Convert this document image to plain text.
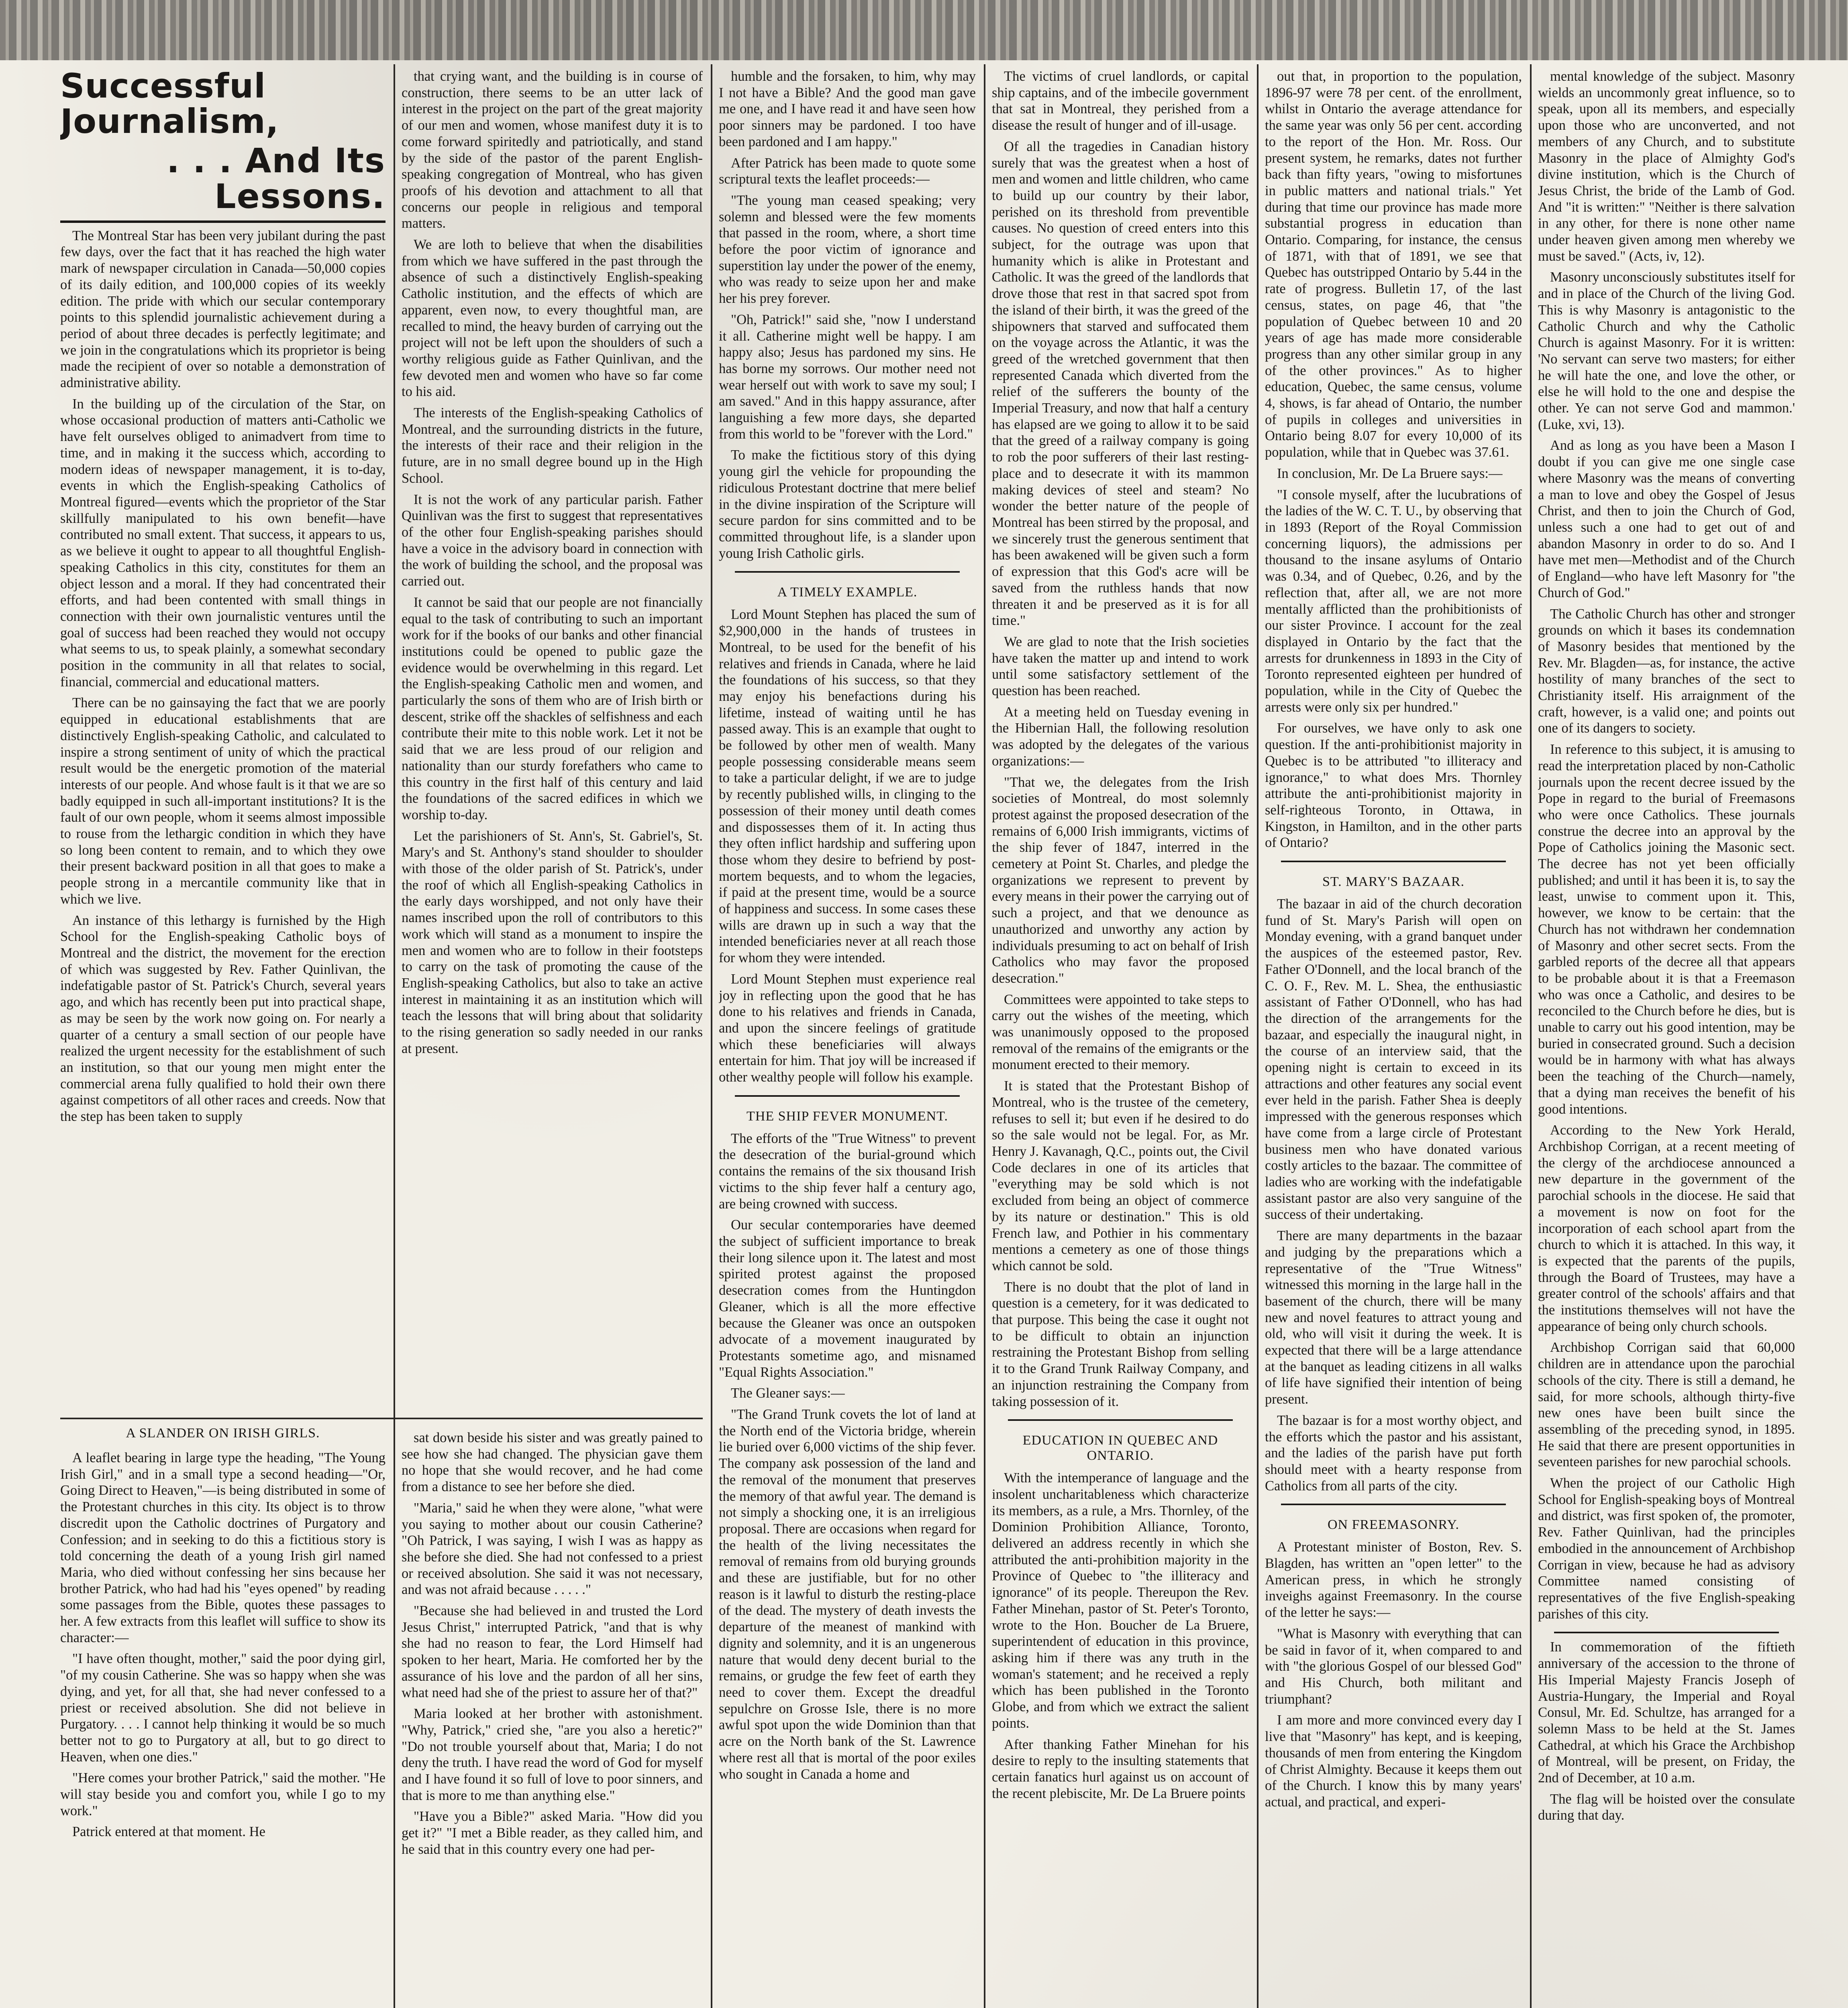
Successful Journalism,
. . . And Its Lessons.

The Montreal Star has been very jubilant during the past few days, over the fact that it has reached the high water mark of newspaper circulation in Canada—50,000 copies of its daily edition, and 100,000 copies of its weekly edition. The pride with which our secular contemporary points to this splendid journalistic achievement during a period of about three decades is perfectly legitimate; and we join in the congratulations which its proprietor is being made the recipient of over so notable a demonstration of administrative ability.

In the building up of the circulation of the Star, on whose occasional production of matters anti-Catholic we have felt ourselves obliged to animadvert from time to time, and in making it the success which, according to modern ideas of newspaper management, it is to-day, events in which the English-speaking Catholics of Montreal figured—events which the proprietor of the Star skillfully manipulated to his own benefit—have contributed no small extent. That success, it appears to us, as we believe it ought to appear to all thoughtful English-speaking Catholics in this city, constitutes for them an object lesson and a moral. If they had concentrated their efforts, and had been contented with small things in connection with their own journalistic ventures until the goal of success had been reached they would not occupy what seems to us, to speak plainly, a somewhat secondary position in the community in all that relates to social, financial, commercial and educational matters.

There can be no gainsaying the fact that we are poorly equipped in educational establishments that are distinctively English-speaking Catholic, and calculated to inspire a strong sentiment of unity of which the practical result would be the energetic promotion of the material interests of our people. And whose fault is it that we are so badly equipped in such all-important institutions? It is the fault of our own people, whom it seems almost impossible to rouse from the lethargic condition in which they have so long been content to remain, and to which they owe their present backward position in all that goes to make a people strong in a mercantile community like that in which we live.

An instance of this lethargy is furnished by the High School for the English-speaking Catholic boys of Montreal and the district, the movement for the erection of which was suggested by Rev. Father Quinlivan, the indefatigable pastor of St. Patrick's Church, several years ago, and which has recently been put into practical shape, as may be seen by the work now going on. For nearly a quarter of a century a small section of our people have realized the urgent necessity for the establishment of such an institution, so that our young men might enter the commercial arena fully qualified to hold their own there against competitors of all other races and creeds. Now that the step has been taken to supply

that crying want, and the building is in course of construction, there seems to be an utter lack of interest in the project on the part of the great majority of our men and women, whose manifest duty it is to come forward spiritedly and patriotically, and stand by the side of the pastor of the parent English-speaking congregation of Montreal, who has given proofs of his devotion and attachment to all that concerns our people in religious and temporal matters.

We are loth to believe that when the disabilities from which we have suffered in the past through the absence of such a distinctively English-speaking Catholic institution, and the effects of which are apparent, even now, to every thoughtful man, are recalled to mind, the heavy burden of carrying out the project will not be left upon the shoulders of such a worthy religious guide as Father Quinlivan, and the few devoted men and women who have so far come to his aid.

The interests of the English-speaking Catholics of Montreal, and the surrounding districts in the future, the interests of their race and their religion in the future, are in no small degree bound up in the High School.

It is not the work of any particular parish. Father Quinlivan was the first to suggest that representatives of the other four English-speaking parishes should have a voice in the advisory board in connection with the work of building the school, and the proposal was carried out.

It cannot be said that our people are not financially equal to the task of contributing to such an important work for if the books of our banks and other financial institutions could be opened to public gaze the evidence would be overwhelming in this regard. Let the English-speaking Catholic men and women, and particularly the sons of them who are of Irish birth or descent, strike off the shackles of selfishness and each contribute their mite to this noble work. Let it not be said that we are less proud of our religion and nationality than our sturdy forefathers who came to this country in the first half of this century and laid the foundations of the sacred edifices in which we worship to-day.

Let the parishioners of St. Ann's, St. Gabriel's, St. Mary's and St. Anthony's stand shoulder to shoulder with those of the older parish of St. Patrick's, under the roof of which all English-speaking Catholics in the early days worshipped, and not only have their names inscribed upon the roll of contributors to this work which will stand as a monument to inspire the men and women who are to follow in their footsteps to carry on the task of promoting the cause of the English-speaking Catholics, but also to take an active interest in maintaining it as an institution which will teach the lessons that will bring about that solidarity to the rising generation so sadly needed in our ranks at present.

A SLANDER ON IRISH GIRLS.

A leaflet bearing in large type the heading, "The Young Irish Girl," and in a small type a second heading—"Or, Going Direct to Heaven,"—is being distributed in some of the Protestant churches in this city. Its object is to throw discredit upon the Catholic doctrines of Purgatory and Confession; and in seeking to do this a fictitious story is told concerning the death of a young Irish girl named Maria, who died without confessing her sins because her brother Patrick, who had had his "eyes opened" by reading some passages from the Bible, quotes these passages to her. A few extracts from this leaflet will suffice to show its character:—

"I have often thought, mother," said the poor dying girl, "of my cousin Catherine. She was so happy when she was dying, and yet, for all that, she had never confessed to a priest or received absolution. She did not believe in Purgatory. . . . I cannot help thinking it would be so much better not to go to Purgatory at all, but to go direct to Heaven, when one dies."

"Here comes your brother Patrick," said the mother. "He will stay beside you and comfort you, while I go to my work."

Patrick entered at that moment. He

sat down beside his sister and was greatly pained to see how she had changed. The physician gave them no hope that she would recover, and he had come from a distance to see her before she died.

"Maria," said he when they were alone, "what were you saying to mother about our cousin Catherine? "Oh Patrick, I was saying, I wish I was as happy as she before she died. She had not confessed to a priest or received absolution. She said it was not necessary, and was not afraid because . . . . ."

"Because she had believed in and trusted the Lord Jesus Christ," interrupted Patrick, "and that is why she had no reason to fear, the Lord Himself had spoken to her heart, Maria. He comforted her by the assurance of his love and the pardon of all her sins, what need had she of the priest to assure her of that?"

Maria looked at her brother with astonishment. "Why, Patrick," cried she, "are you also a heretic?" "Do not trouble yourself about that, Maria; I do not deny the truth. I have read the word of God for myself and I have found it so full of love to poor sinners, and that is more to me than anything else."

"Have you a Bible?" asked Maria. "How did you get it?" "I met a Bible reader, as they called him, and he said that in this country every one had per-

humble and the forsaken, to him, why may I not have a Bible? And the good man gave me one, and I have read it and have seen how poor sinners may be pardoned. I too have been pardoned and I am happy."

After Patrick has been made to quote some scriptural texts the leaflet proceeds:—

"The young man ceased speaking; very solemn and blessed were the few moments that passed in the room, where, a short time before the poor victim of ignorance and superstition lay under the power of the enemy, who was ready to seize upon her and make her his prey forever.

"Oh, Patrick!" said she, "now I understand it all. Catherine might well be happy. I am happy also; Jesus has pardoned my sins. He has borne my sorrows. Our mother need not wear herself out with work to save my soul; I am saved." And in this happy assurance, after languishing a few more days, she departed from this world to be "forever with the Lord."

To make the fictitious story of this dying young girl the vehicle for propounding the ridiculous Protestant doctrine that mere belief in the divine inspiration of the Scripture will secure pardon for sins committed and to be committed throughout life, is a slander upon young Irish Catholic girls.

A TIMELY EXAMPLE.

Lord Mount Stephen has placed the sum of $2,900,000 in the hands of trustees in Montreal, to be used for the benefit of his relatives and friends in Canada, where he laid the foundations of his success, so that they may enjoy his benefactions during his lifetime, instead of waiting until he has passed away. This is an example that ought to be followed by other men of wealth. Many people possessing considerable means seem to take a particular delight, if we are to judge by recently published wills, in clinging to the possession of their money until death comes and dispossesses them of it. In acting thus they often inflict hardship and suffering upon those whom they desire to befriend by post-mortem bequests, and to whom the legacies, if paid at the present time, would be a source of happiness and success. In some cases these wills are drawn up in such a way that the intended beneficiaries never at all reach those for whom they were intended.

Lord Mount Stephen must experience real joy in reflecting upon the good that he has done to his relatives and friends in Canada, and upon the sincere feelings of gratitude which these beneficiaries will always entertain for him. That joy will be increased if other wealthy people will follow his example.

THE SHIP FEVER MONUMENT.

The efforts of the "True Witness" to prevent the desecration of the burial-ground which contains the remains of the six thousand Irish victims to the ship fever half a century ago, are being crowned with success.

Our secular contemporaries have deemed the subject of sufficient importance to break their long silence upon it. The latest and most spirited protest against the proposed desecration comes from the Huntingdon Gleaner, which is all the more effective because the Gleaner was once an outspoken advocate of a movement inaugurated by Protestants sometime ago, and misnamed "Equal Rights Association."

The Gleaner says:—

"The Grand Trunk covets the lot of land at the North end of the Victoria bridge, wherein lie buried over 6,000 victims of the ship fever. The company ask possession of the land and the removal of the monument that preserves the memory of that awful year. The demand is not simply a shocking one, it is an irreligious proposal. There are occasions when regard for the health of the living necessitates the removal of remains from old burying grounds and these are justifiable, but for no other reason is it lawful to disturb the resting-place of the dead. The mystery of death invests the departure of the meanest of mankind with dignity and solemnity, and it is an ungenerous nature that would deny decent burial to the remains, or grudge the few feet of earth they need to cover them. Except the dreadful sepulchre on Grosse Isle, there is no more awful spot upon the wide Dominion than that acre on the North bank of the St. Lawrence where rest all that is mortal of the poor exiles who sought in Canada a home and

The victims of cruel landlords, or capital ship captains, and of the imbecile government that sat in Montreal, they perished from a disease the result of hunger and of ill-usage.

Of all the tragedies in Canadian history surely that was the greatest when a host of men and women and little children, who came to build up our country by their labor, perished on its threshold from preventible causes. No question of creed enters into this subject, for the outrage was upon that humanity which is alike in Protestant and Catholic. It was the greed of the landlords that drove those that rest in that sacred spot from the island of their birth, it was the greed of the shipowners that starved and suffocated them on the voyage across the Atlantic, it was the greed of the wretched government that then represented Canada which diverted from the relief of the sufferers the bounty of the Imperial Treasury, and now that half a century has elapsed are we going to allow it to be said that the greed of a railway company is going to rob the poor sufferers of their last resting-place and to desecrate it with its mammon making devices of steel and steam? No wonder the better nature of the people of Montreal has been stirred by the proposal, and we sincerely trust the generous sentiment that has been awakened will be given such a form of expression that this God's acre will be saved from the ruthless hands that now threaten it and be preserved as it is for all time."

We are glad to note that the Irish societies have taken the matter up and intend to work until some satisfactory settlement of the question has been reached.

At a meeting held on Tuesday evening in the Hibernian Hall, the following resolution was adopted by the delegates of the various organizations:—

"That we, the delegates from the Irish societies of Montreal, do most solemnly protest against the proposed desecration of the remains of 6,000 Irish immigrants, victims of the ship fever of 1847, interred in the cemetery at Point St. Charles, and pledge the organizations we represent to prevent by every means in their power the carrying out of such a project, and that we denounce as unauthorized and unworthy any action by individuals presuming to act on behalf of Irish Catholics who may favor the proposed desecration."

Committees were appointed to take steps to carry out the wishes of the meeting, which was unanimously opposed to the proposed removal of the remains of the emigrants or the monument erected to their memory.

It is stated that the Protestant Bishop of Montreal, who is the trustee of the cemetery, refuses to sell it; but even if he desired to do so the sale would not be legal. For, as Mr. Henry J. Kavanagh, Q.C., points out, the Civil Code declares in one of its articles that "everything may be sold which is not excluded from being an object of commerce by its nature or destination." This is old French law, and Pothier in his commentary mentions a cemetery as one of those things which cannot be sold.

There is no doubt that the plot of land in question is a cemetery, for it was dedicated to that purpose. This being the case it ought not to be difficult to obtain an injunction restraining the Protestant Bishop from selling it to the Grand Trunk Railway Company, and an injunction restraining the Company from taking possession of it.

EDUCATION IN QUEBEC AND ONTARIO.

With the intemperance of language and the insolent uncharitableness which characterize its members, as a rule, a Mrs. Thornley, of the Dominion Prohibition Alliance, Toronto, delivered an address recently in which she attributed the anti-prohibition majority in the Province of Quebec to "the illiteracy and ignorance" of its people. Thereupon the Rev. Father Minehan, pastor of St. Peter's Toronto, wrote to the Hon. Boucher de La Bruere, superintendent of education in this province, asking him if there was any truth in the woman's statement; and he received a reply which has been published in the Toronto Globe, and from which we extract the salient points.

After thanking Father Minehan for his desire to reply to the insulting statements that certain fanatics hurl against us on account of the recent plebiscite, Mr. De La Bruere points

out that, in proportion to the population, 1896-97 were 78 per cent. of the enrollment, whilst in Ontario the average attendance for the same year was only 56 per cent. according to the report of the Hon. Mr. Ross. Our present system, he remarks, dates not further back than fifty years, "owing to misfortunes in public matters and national trials." Yet during that time our province has made more substantial progress in education than Ontario. Comparing, for instance, the census of 1871, with that of 1891, we see that Quebec has outstripped Ontario by 5.44 in the rate of progress. Bulletin 17, of the last census, states, on page 46, that "the population of Quebec between 10 and 20 years of age has made more considerable progress than any other similar group in any of the other provinces." As to higher education, Quebec, the same census, volume 4, shows, is far ahead of Ontario, the number of pupils in colleges and universities in Ontario being 8.07 for every 10,000 of its population, while that in Quebec was 37.61.

In conclusion, Mr. De La Bruere says:—

"I console myself, after the lucubrations of the ladies of the W. C. T. U., by observing that in 1893 (Report of the Royal Commission concerning liquors), the admissions per thousand to the insane asylums of Ontario was 0.34, and of Quebec, 0.26, and by the reflection that, after all, we are not more mentally afflicted than the prohibitionists of our sister Province. I account for the zeal displayed in Ontario by the fact that the arrests for drunkenness in 1893 in the City of Toronto represented eighteen per hundred of population, while in the City of Quebec the arrests were only six per hundred."

For ourselves, we have only to ask one question. If the anti-prohibitionist majority in Quebec is to be attributed "to illiteracy and ignorance," to what does Mrs. Thornley attribute the anti-prohibitionist majority in self-righteous Toronto, in Ottawa, in Kingston, in Hamilton, and in the other parts of Ontario?

ST. MARY'S BAZAAR.

The bazaar in aid of the church decoration fund of St. Mary's Parish will open on Monday evening, with a grand banquet under the auspices of the esteemed pastor, Rev. Father O'Donnell, and the local branch of the C. O. F., Rev. M. L. Shea, the enthusiastic assistant of Father O'Donnell, who has had the direction of the arrangements for the bazaar, and especially the inaugural night, in the course of an interview said, that the opening night is certain to exceed in its attractions and other features any social event ever held in the parish. Father Shea is deeply impressed with the generous responses which have come from a large circle of Protestant business men who have donated various costly articles to the bazaar. The committee of ladies who are working with the indefatigable assistant pastor are also very sanguine of the success of their undertaking.

There are many departments in the bazaar and judging by the preparations which a representative of the "True Witness" witnessed this morning in the large hall in the basement of the church, there will be many new and novel features to attract young and old, who will visit it during the week. It is expected that there will be a large attendance at the banquet as leading citizens in all walks of life have signified their intention of being present.

The bazaar is for a most worthy object, and the efforts which the pastor and his assistant, and the ladies of the parish have put forth should meet with a hearty response from Catholics from all parts of the city.

ON FREEMASONRY.

A Protestant minister of Boston, Rev. S. Blagden, has written an "open letter" to the American press, in which he strongly inveighs against Freemasonry. In the course of the letter he says:—

"What is Masonry with everything that can be said in favor of it, when compared to and with "the glorious Gospel of our blessed God" and His Church, both militant and triumphant?

I am more and more convinced every day I live that "Masonry" has kept, and is keeping, thousands of men from entering the Kingdom of Christ Almighty. Because it keeps them out of the Church. I know this by many years' actual, and practical, and experi-

mental knowledge of the subject. Masonry wields an uncommonly great influence, so to speak, upon all its members, and especially upon those who are unconverted, and not members of any Church, and to substitute Masonry in the place of Almighty God's divine institution, which is the Church of Jesus Christ, the bride of the Lamb of God. And "it is written:" "Neither is there salvation in any other, for there is none other name under heaven given among men whereby we must be saved." (Acts, iv, 12).

Masonry unconsciously substitutes itself for and in place of the Church of the living God. This is why Masonry is antagonistic to the Catholic Church and why the Catholic Church is against Masonry. For it is written: 'No servant can serve two masters; for either he will hate the one, and love the other, or else he will hold to the one and despise the other. Ye can not serve God and mammon.' (Luke, xvi, 13).

And as long as you have been a Mason I doubt if you can give me one single case where Masonry was the means of converting a man to love and obey the Gospel of Jesus Christ, and then to join the Church of God, unless such a one had to get out of and abandon Masonry in order to do so. And I have met men—Methodist and of the Church of England—who have left Masonry for "the Church of God."

The Catholic Church has other and stronger grounds on which it bases its condemnation of Masonry besides that mentioned by the Rev. Mr. Blagden—as, for instance, the active hostility of many branches of the sect to Christianity itself. His arraignment of the craft, however, is a valid one; and points out one of its dangers to society.

In reference to this subject, it is amusing to read the interpretation placed by non-Catholic journals upon the recent decree issued by the Pope in regard to the burial of Freemasons who were once Catholics. These journals construe the decree into an approval by the Pope of Catholics joining the Masonic sect. The decree has not yet been officially published; and until it has been it is, to say the least, unwise to comment upon it. This, however, we know to be certain: that the Church has not withdrawn her condemnation of Masonry and other secret sects. From the garbled reports of the decree all that appears to be probable about it is that a Freemason who was once a Catholic, and desires to be reconciled to the Church before he dies, but is unable to carry out his good intention, may be buried in consecrated ground. Such a decision would be in harmony with what has always been the teaching of the Church—namely, that a dying man receives the benefit of his good intentions.

According to the New York Herald, Archbishop Corrigan, at a recent meeting of the clergy of the archdiocese announced a new departure in the government of the parochial schools in the diocese. He said that a movement is now on foot for the incorporation of each school apart from the church to which it is attached. In this way, it is expected that the parents of the pupils, through the Board of Trustees, may have a greater control of the schools' affairs and that the institutions themselves will not have the appearance of being only church schools.

Archbishop Corrigan said that 60,000 children are in attendance upon the parochial schools of the city. There is still a demand, he said, for more schools, although thirty-five new ones have been built since the assembling of the preceding synod, in 1895. He said that there are present opportunities in seventeen parishes for new parochial schools.

When the project of our Catholic High School for English-speaking boys of Montreal and district, was first spoken of, the promoter, Rev. Father Quinlivan, had the principles embodied in the announcement of Archbishop Corrigan in view, because he had as advisory Committee named consisting of representatives of the five English-speaking parishes of this city.

In commemoration of the fiftieth anniversary of the accession to the throne of His Imperial Majesty Francis Joseph of Austria-Hungary, the Imperial and Royal Consul, Mr. Ed. Schultze, has arranged for a solemn Mass to be held at the St. James Cathedral, at which his Grace the Archbishop of Montreal, will be present, on Friday, the 2nd of December, at 10 a.m.

The flag will be hoisted over the consulate during that day.
